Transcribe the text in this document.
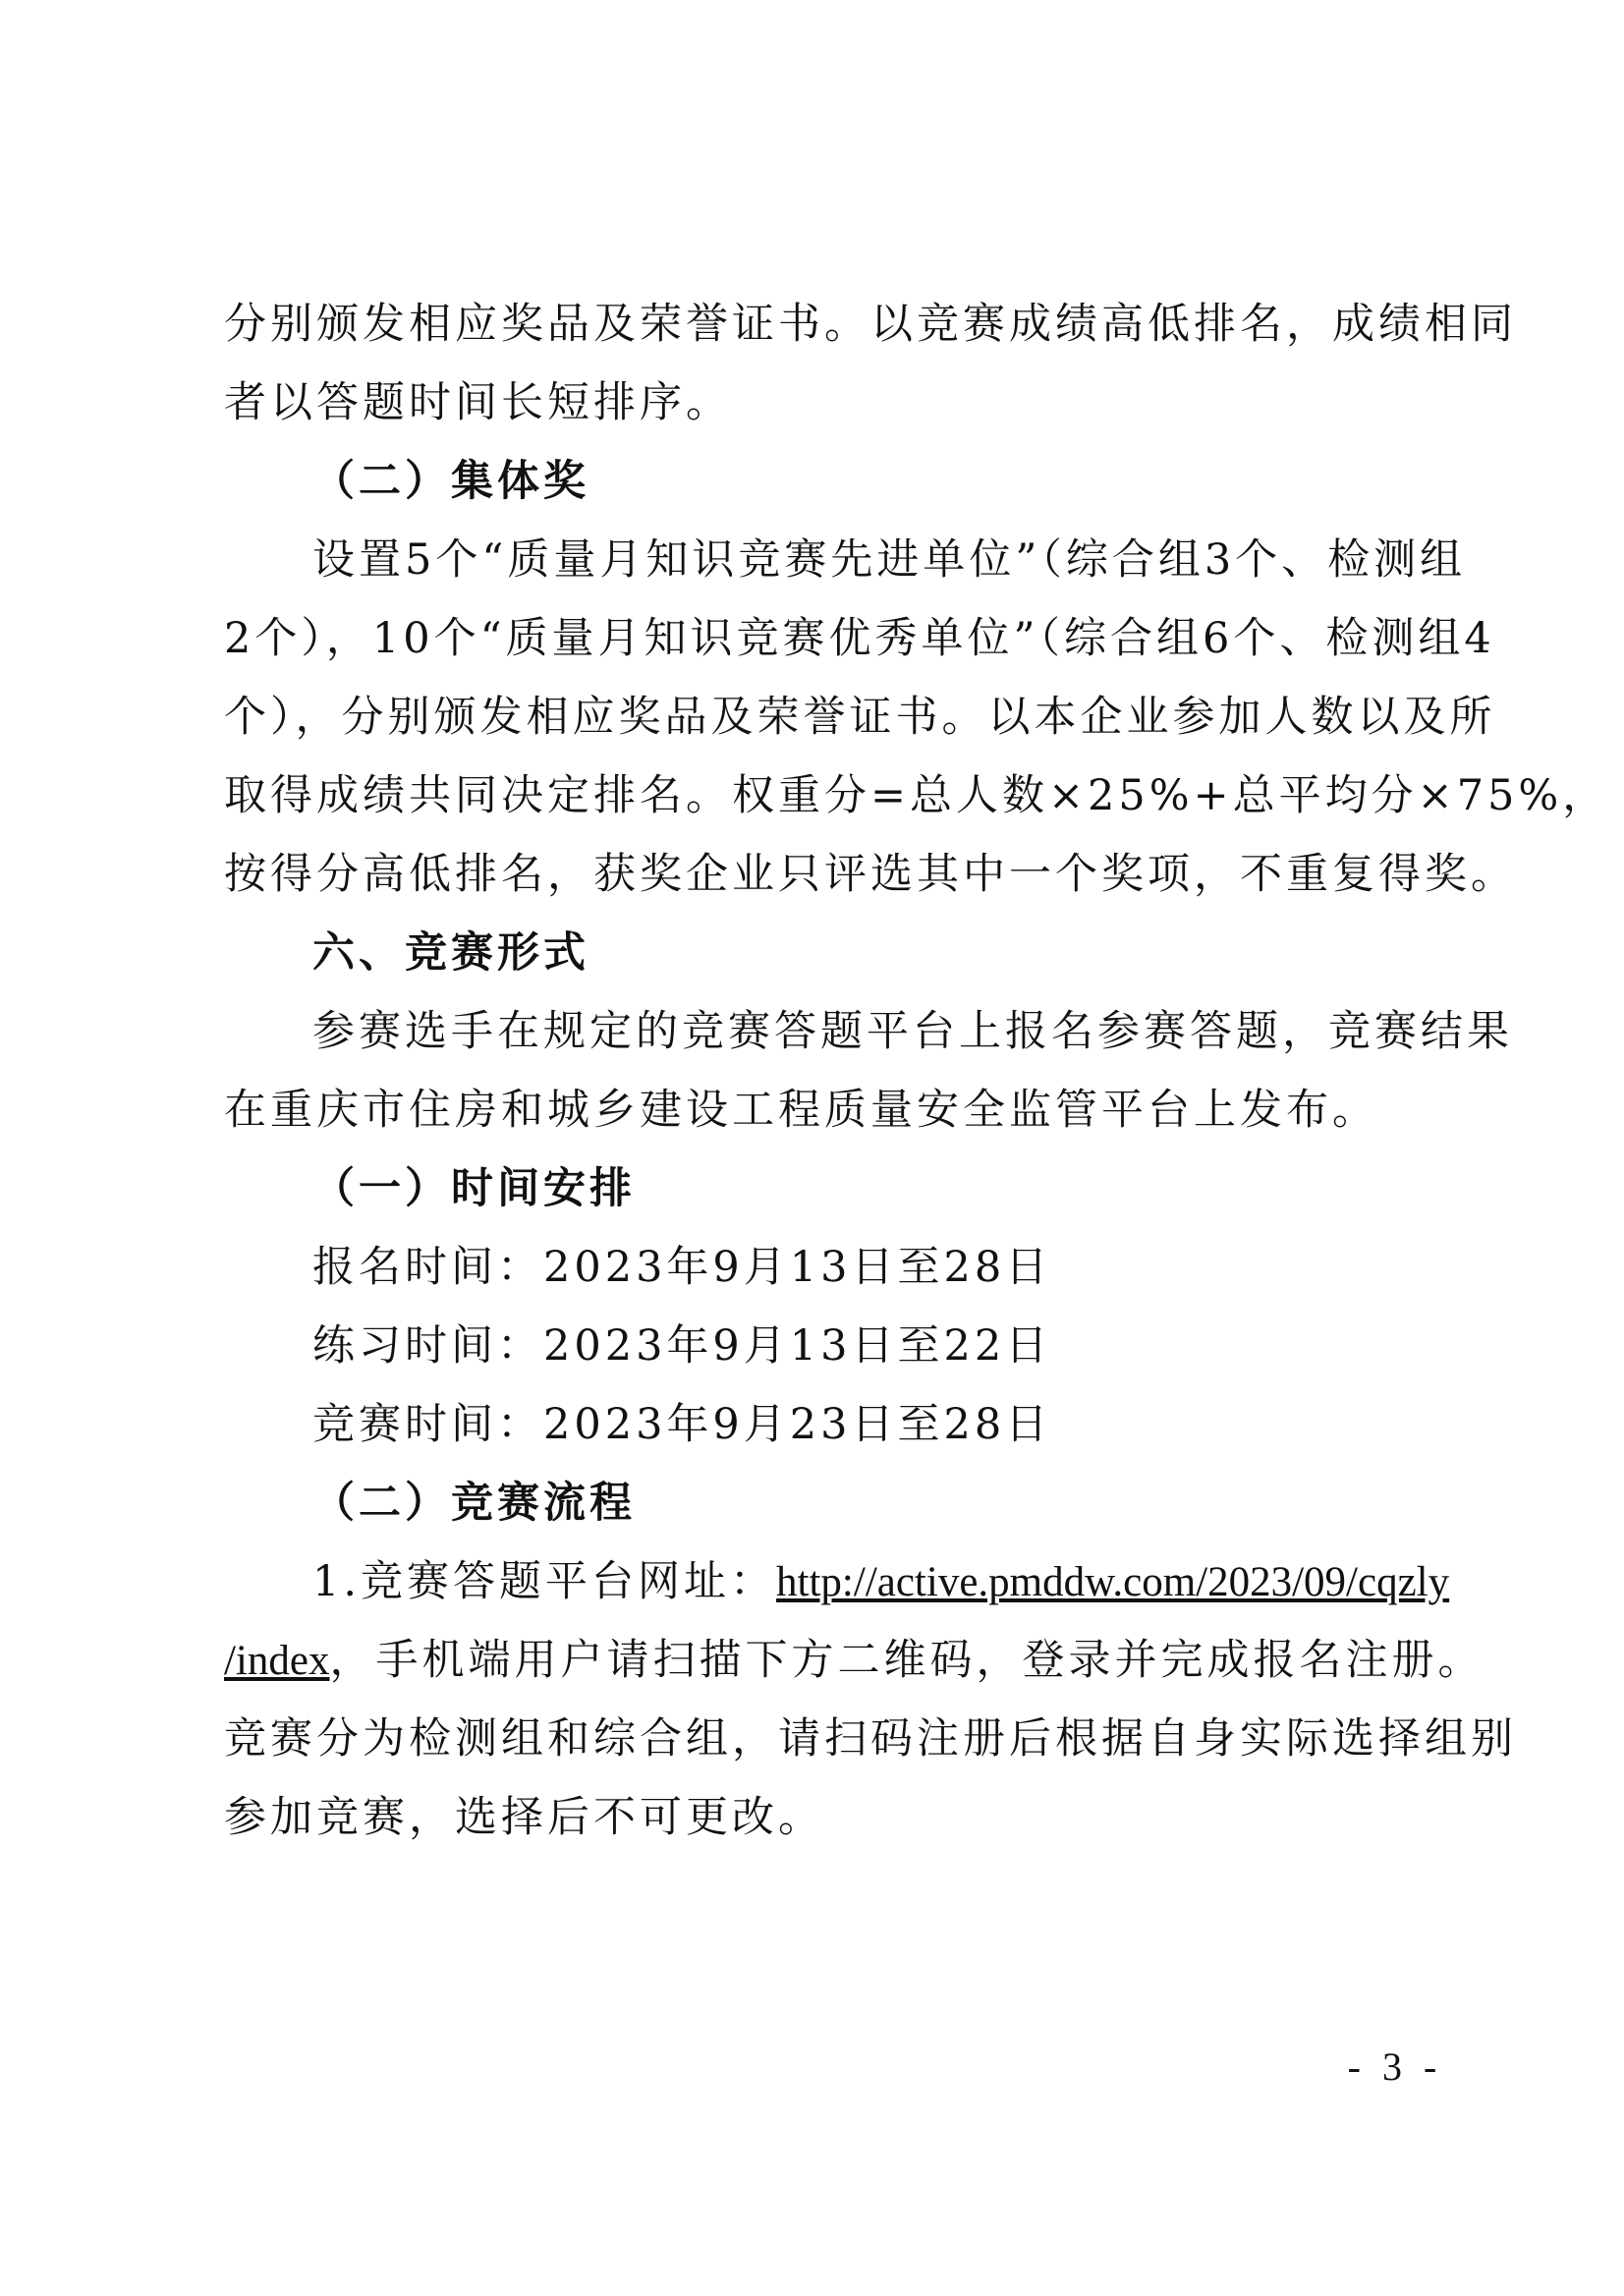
分别颁发相应奖品及荣誉证书。以竞赛成绩高低排名，成绩相同
者以答题时间长短排序。
（二）集体奖
设置5个“质量月知识竞赛先进单位”（综合组3个、检测组
2个），10个“质量月知识竞赛优秀单位”（综合组6个、检测组4
个），分别颁发相应奖品及荣誉证书。以本企业参加人数以及所
取得成绩共同决定排名。权重分=总人数×25%+总平均分×75%，
按得分高低排名，获奖企业只评选其中一个奖项，不重复得奖。
六、竞赛形式
参赛选手在规定的竞赛答题平台上报名参赛答题，竞赛结果
在重庆市住房和城乡建设工程质量安全监管平台上发布。
（一）时间安排
报名时间：2023年9月13日至28日
练习时间：2023年9月13日至22日
竞赛时间：2023年9月23日至28日
（二）竞赛流程
1.竞赛答题平台网址：http://active.pmddw.com/2023/09/cqzly
/index，手机端用户请扫描下方二维码，登录并完成报名注册。
竞赛分为检测组和综合组，请扫码注册后根据自身实际选择组别
参加竞赛，选择后不可更改。
- 3 -
